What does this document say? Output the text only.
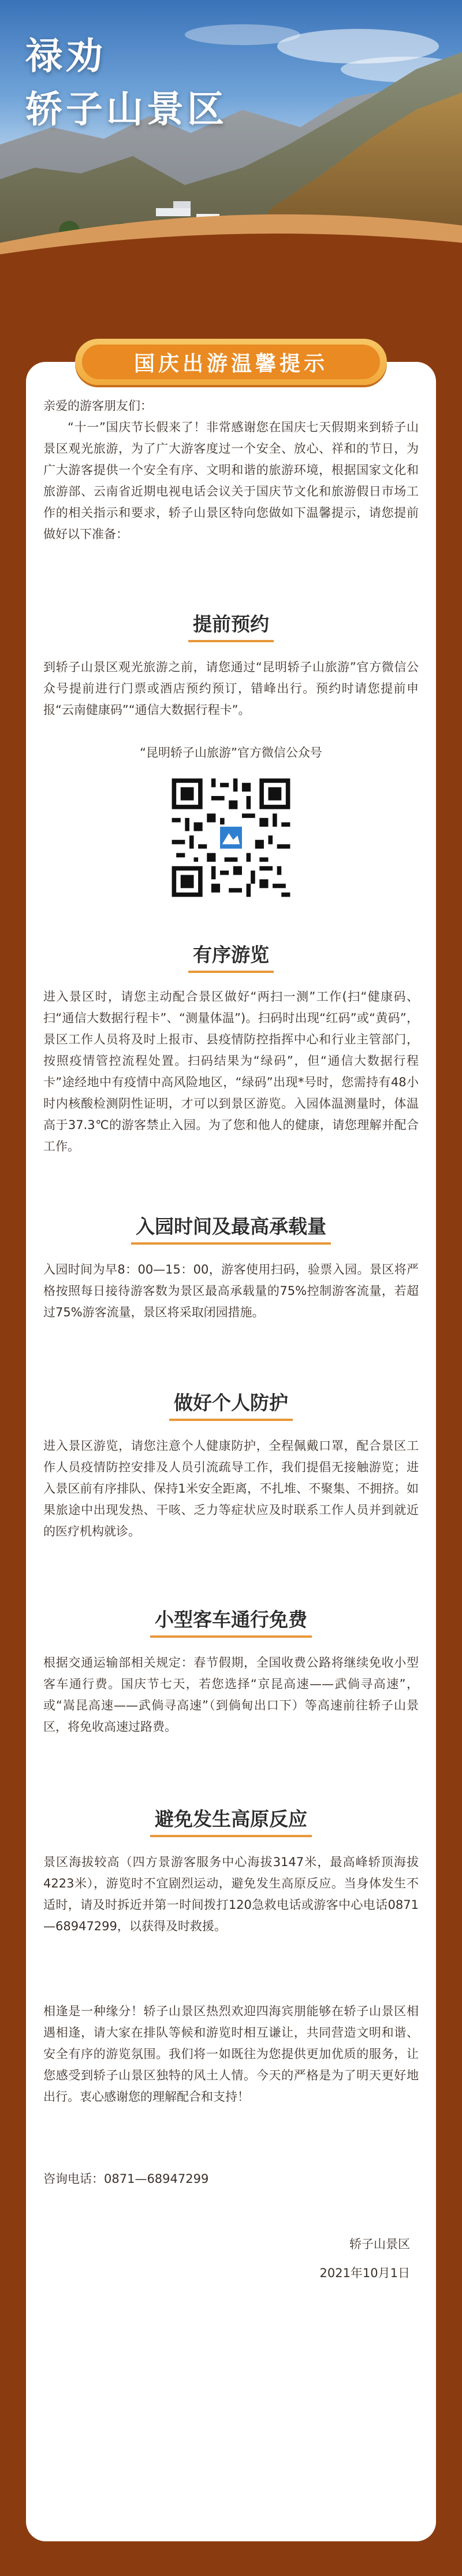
禄劝
轿子山景区
国庆出游温馨提示

亲爱的游客朋友们：

“十一”国庆节长假来了！非常感谢您在国庆七天假期来到轿子山景区观光旅游，为了广大游客度过一个安全、放心、祥和的节日，为广大游客提供一个安全有序、文明和谐的旅游环境，根据国家文化和旅游部、云南省近期电视电话会议关于国庆节文化和旅游假日市场工作的相关指示和要求，轿子山景区特向您做如下温馨提示，请您提前做好以下准备：

提前预约

到轿子山景区观光旅游之前，请您通过“昆明轿子山旅游”官方微信公众号提前进行门票或酒店预约预订，错峰出行。预约时请您提前申报“云南健康码”“通信大数据行程卡”。

“昆明轿子山旅游”官方微信公众号
有序游览

进入景区时，请您主动配合景区做好“两扫一测”工作(扫“健康码、扫“通信大数据行程卡”、“测量体温”)。扫码时出现“红码”或“黄码”，景区工作人员将及时上报市、县疫情防控指挥中心和行业主管部门，按照疫情管控流程处置。扫码结果为“绿码”，但“通信大数据行程卡”途经地中有疫情中高风险地区，“绿码”出现*号时，您需持有48小时内核酸检测阴性证明，才可以到景区游览。入园体温测量时，体温高于37.3℃的游客禁止入园。为了您和他人的健康，请您理解并配合工作。

入园时间及最高承载量

入园时间为早8：00—15：00，游客使用扫码，验票入园。景区将严格按照每日接待游客数为景区最高承载量的75%控制游客流量，若超过75%游客流量，景区将采取闭园措施。

做好个人防护

进入景区游览，请您注意个人健康防护，全程佩戴口罩，配合景区工作人员疫情防控安排及人员引流疏导工作，我们提倡无接触游览；进入景区前有序排队、保持1米安全距离，不扎堆、不聚集、不拥挤。如果旅途中出现发热、干咳、乏力等症状应及时联系工作人员并到就近的医疗机构就诊。

小型客车通行免费

根据交通运输部相关规定：春节假期，全国收费公路将继续免收小型客车通行费。国庆节七天，若您选择“京昆高速——武倘寻高速”，或“嵩昆高速——武倘寻高速”（到倘甸出口下）等高速前往轿子山景区，将免收高速过路费。

避免发生高原反应

景区海拔较高（四方景游客服务中心海拔3147米，最高峰轿顶海拔4223米），游览时不宜剧烈运动，避免发生高原反应。当身体发生不适时，请及时拆近并第一时间拨打120急救电话或游客中心电话0871—68947299，以获得及时救援。

相逢是一种缘分！轿子山景区热烈欢迎四海宾朋能够在轿子山景区相遇相逢，请大家在排队等候和游览时相互谦让，共同营造文明和谐、安全有序的游览氛围。我们将一如既往为您提供更加优质的服务，让您感受到轿子山景区独特的风土人情。今天的严格是为了明天更好地出行。衷心感谢您的理解配合和支持！

咨询电话：0871—68947299

轿子山景区
2021年10月1日
